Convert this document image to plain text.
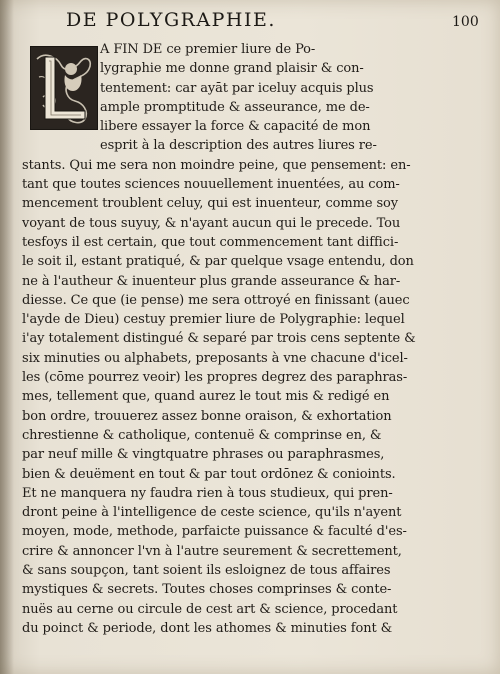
DE POLYGRAPHIE.	100
A FIN DE ce premier liure de Po-
lygraphie me donne grand plaisir & con-
tentement: car ayāt par iceluy acquis plus
ample promptitude & asseurance, me de-
libere essayer la force & capacité de mon
esprit à la description des autres liures re-
stants. Qui me sera non moindre peine, que pensement: en-
tant que toutes sciences nouuellement inuentées, au com-
mencement troublent celuy, qui est inuenteur, comme soy
voyant de tous suyuy, & n'ayant aucun qui le precede. Tou
tesfoys il est certain, que tout commencement tant diffici-
le soit il, estant pratiqué, & par quelque vsage entendu, don
ne à l'autheur & inuenteur plus grande asseurance & har-
diesse. Ce que (ie pense) me sera ottroyé en finissant (auec
l'ayde de Dieu) cestuy premier liure de Polygraphie: lequel
i'ay totalement distingué & separé par trois cens septente &
six minuties ou alphabets, preposants à vne chacune d'icel-
les (cōme pourrez veoir) les propres degrez des paraphras-
mes, tellement que, quand aurez le tout mis & redigé en
bon ordre, trouuerez assez bonne oraison, & exhortation
chrestienne & catholique, contenuë & comprinse en, &
par neuf mille & vingtquatre phrases ou paraphrasmes,
bien & deuëment en tout & par tout ordōnez & conioints.
Et ne manquera ny faudra rien à tous studieux, qui pren-
dront peine à l'intelligence de ceste science, qu'ils n'ayent
moyen, mode, methode, parfaicte puissance & faculté d'es-
crire & annoncer l'vn à l'autre seurement & secrettement,
& sans soupçon, tant soient ils esloignez de tous affaires
mystiques & secrets. Toutes choses comprinses & conte-
nuës au cerne ou circule de cest art & science, procedant
du poinct & periode, dont les athomes & minuties font &
